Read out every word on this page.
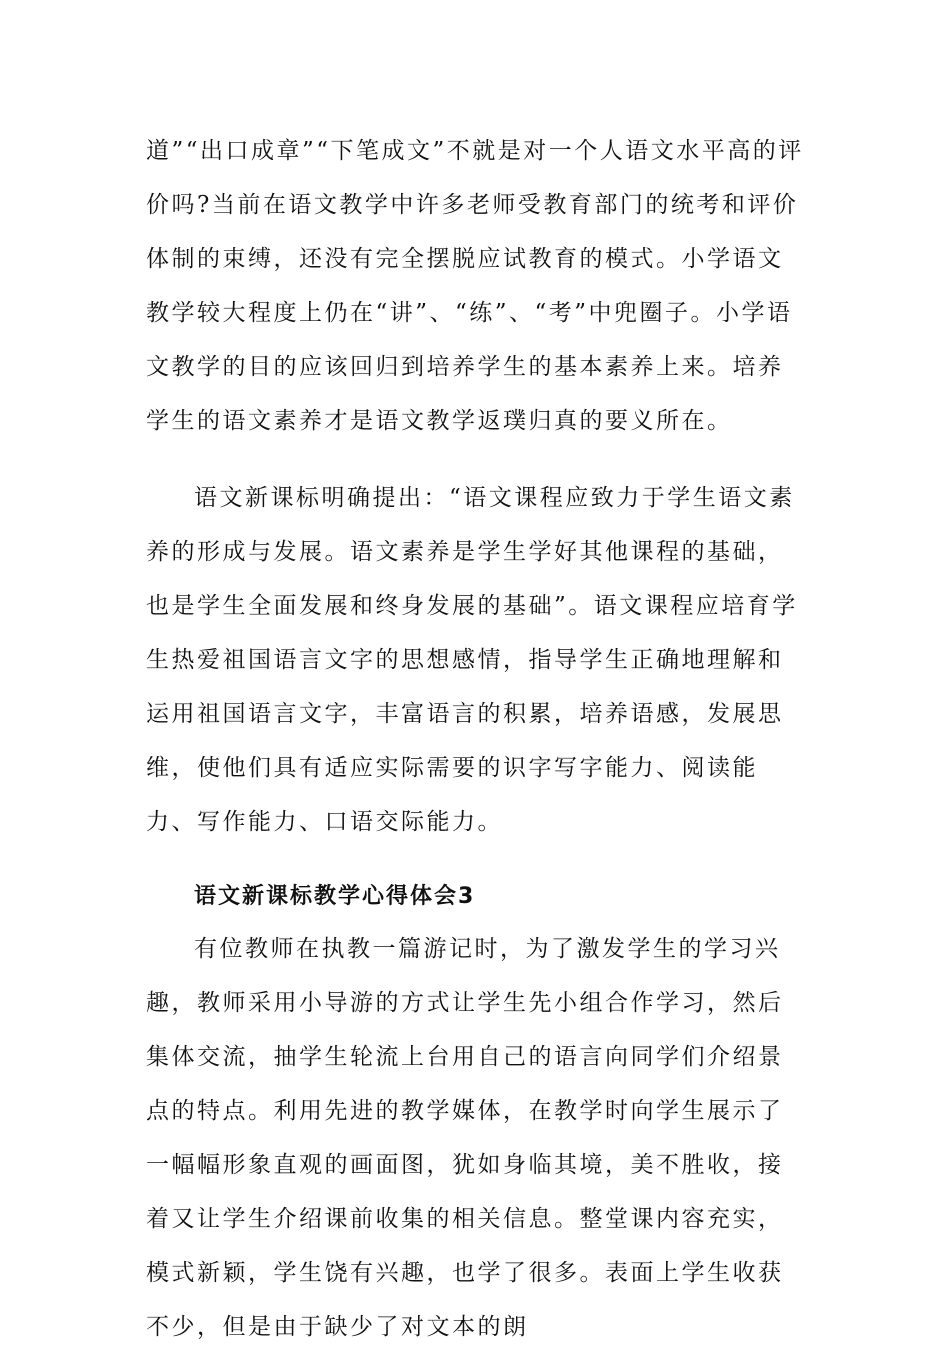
道”“出口成章”“下笔成文”不就是对一个人语文水平高的评价吗?当前在语文教学中许多老师受教育部门的统考和评价体制的束缚，还没有完全摆脱应试教育的模式。小学语文教学较大程度上仍在“讲”、“练”、“考”中兜圈子。小学语文教学的目的应该回归到培养学生的基本素养上来。培养学生的语文素养才是语文教学返璞归真的要义所在。

语文新课标明确提出：“语文课程应致力于学生语文素养的形成与发展。语文素养是学生学好其他课程的基础，也是学生全面发展和终身发展的基础”。语文课程应培育学生热爱祖国语言文字的思想感情，指导学生正确地理解和运用祖国语言文字，丰富语言的积累，培养语感，发展思维，使他们具有适应实际需要的识字写字能力、阅读能力、写作能力、口语交际能力。

语文新课标教学心得体会3

有位教师在执教一篇游记时，为了激发学生的学习兴趣，教师采用小导游的方式让学生先小组合作学习，然后集体交流，抽学生轮流上台用自己的语言向同学们介绍景点的特点。利用先进的教学媒体，在教学时向学生展示了一幅幅形象直观的画面图，犹如身临其境，美不胜收，接着又让学生介绍课前收集的相关信息。整堂课内容充实，模式新颖，学生饶有兴趣，也学了很多。表面上学生收获不少，但是由于缺少了对文本的朗
